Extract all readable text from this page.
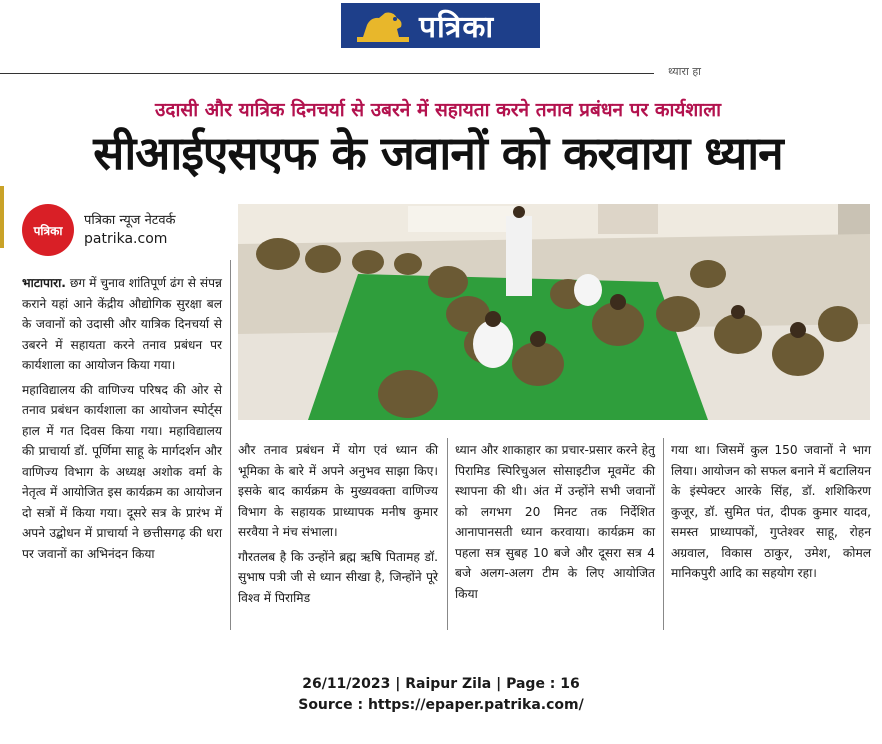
पत्रिका
थ्यारा हा
उदासी और यात्रिक दिनचर्या से उबरने में सहायता करने तनाव प्रबंधन पर कार्यशाला
सीआईएसएफ के जवानों को करवाया ध्यान
पत्रिका
पत्रिका न्यूज नेटवर्क
patrika.com
भाटापारा. छग में चुनाव शांतिपूर्ण ढंग से संपन्न कराने यहां आने केंद्रीय औद्योगिक सुरक्षा बल के जवानों को उदासी और यात्रिक दिनचर्या से उबरने में सहायता करने तनाव प्रबंधन पर कार्यशाला का आयोजन किया गया।
महाविद्यालय की वाणिज्य परिषद की ओर से तनाव प्रबंधन कार्यशाला का आयोजन स्पोर्ट्स हाल में गत दिवस किया गया। महाविद्यालय की प्राचार्या डॉ. पूर्णिमा साहू के मार्गदर्शन और वाणिज्य विभाग के अध्यक्ष अशोक वर्मा के नेतृत्व में आयोजित इस कार्यक्रम का आयोजन दो सत्रों में किया गया। दूसरे सत्र के प्रारंभ में अपने उद्बोधन में प्राचार्या ने छत्तीसगढ़ की धरा पर जवानों का अभिनंदन किया
और तनाव प्रबंधन में योग एवं ध्यान की भूमिका के बारे में अपने अनुभव साझा किए। इसके बाद कार्यक्रम के मुख्यवक्ता वाणिज्य विभाग के सहायक प्राध्यापक मनीष कुमार सरवैया ने मंच संभाला।
गौरतलब है कि उन्होंने ब्रह्म ऋषि पितामह डॉ. सुभाष पत्री जी से ध्यान सीखा है, जिन्होंने पूरे विश्व में पिरामिड
ध्यान और शाकाहार का प्रचार-प्रसार करने हेतु पिरामिड स्पिरिचुअल सोसाइटीज मूवमेंट की स्थापना की थी। अंत में उन्होंने सभी जवानों को लगभग 20 मिनट तक निर्देशित आनापानसती ध्यान करवाया। कार्यक्रम का पहला सत्र सुबह 10 बजे और दूसरा सत्र 4 बजे अलग-अलग टीम के लिए आयोजित किया
गया था। जिसमें कुल 150 जवानों ने भाग लिया। आयोजन को सफल बनाने में बटालियन के इंस्पेक्टर आरके सिंह, डॉ. शशिकिरण कुजूर, डॉ. सुमित पंत, दीपक कुमार यादव, समस्त प्राध्यापकों, गुप्तेश्वर साहू, रोहन अग्रवाल, विकास ठाकुर, उमेश, कोमल मानिकपुरी आदि का सहयोग रहा।
26/11/2023 | Raipur Zila | Page : 16
Source : https://epaper.patrika.com/
